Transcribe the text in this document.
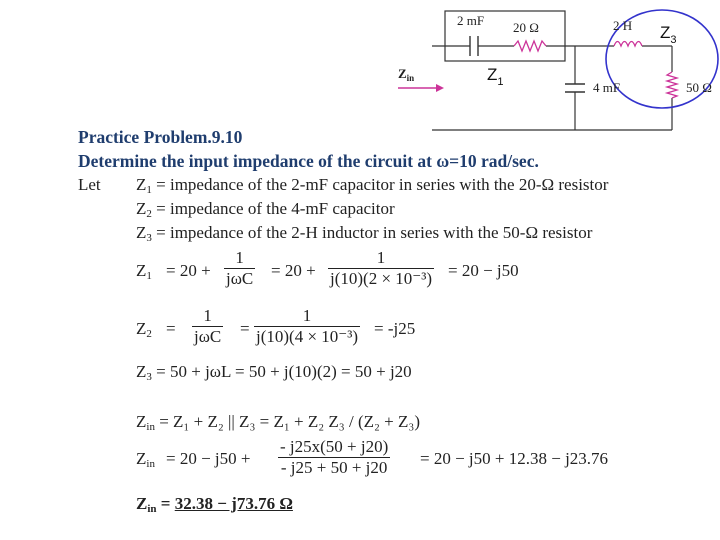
2 mF 20 Ω	2 H
4 mF	50 Ω
$Z_{in}$	$Z_1$
$Z_3$
Practice Problem.9.10
Determine the input impedance of the circuit at ω=10 rad/sec.
Let $Z_1$ = impedance of the 2-mF capacitor in series with the 20-Ω resistor
$Z_2$ = impedance of the 4-mF capacitor
$Z_3$ = impedance of the 2-H inductor in series with the 50-Ω resistor
$Z_1 = 20$ +
1
$j\omega C = 20 + \frac{1}{\text{j(10)(2 × 10⁻³)}} = 20 - j50$
$Z_2$ =
1
$j\omega C = \frac{1}{\text{j(10)(4 × 10⁻³)}} = -j25$
$Z_3 = 50 + j\omega L = 50 + j(10)(2) = 50 + j20$
$Z_{in} = Z_1 + Z_2$ || Z₃ = Z₁ + Z₂ Z₃ / (Z₂ + Z₃)
$Z_{in} = 20 - j50 + \frac{- j25x(50 + j20)}{- j25 + 50 + j20} = 20 - j50 + 12.38 - j23.76$
$Z_{in} = 32.38 - j73.76$ Ω
